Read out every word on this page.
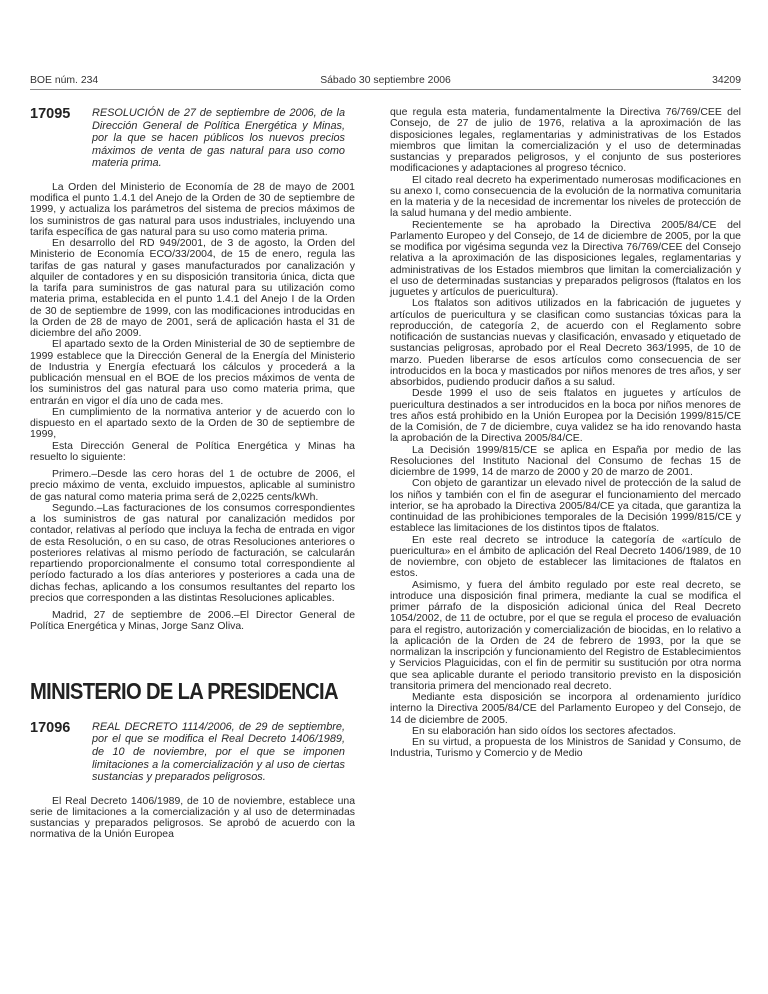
BOE núm. 234	Sábado 30 septiembre 2006	34209
17095	RESOLUCIÓN de 27 de septiembre de 2006, de la Dirección General de Política Energética y Minas, por la que se hacen públicos los nuevos precios máximos de venta de gas natural para uso como materia prima.

La Orden del Ministerio de Economía de 28 de mayo de 2001 modifica el punto 1.4.1 del Anejo de la Orden de 30 de septiembre de 1999, y actualiza los parámetros del sistema de precios máximos de los suministros de gas natural para usos industriales, incluyendo una tarifa específica de gas natural para su uso como materia prima.

En desarrollo del RD 949/2001, de 3 de agosto, la Orden del Ministerio de Economía ECO/33/2004, de 15 de enero, regula las tarifas de gas natural y gases manufacturados por canalización y alquiler de contadores y en su disposición transitoria única, dicta que la tarifa para suministros de gas natural para su utilización como materia prima, establecida en el punto 1.4.1 del Anejo I de la Orden de 30 de septiembre de 1999, con las modificaciones introducidas en la Orden de 28 de mayo de 2001, será de aplicación hasta el 31 de diciembre del año 2009.

El apartado sexto de la Orden Ministerial de 30 de septiembre de 1999 establece que la Dirección General de la Energía del Ministerio de Industria y Energía efectuará los cálculos y procederá a la publicación mensual en el BOE de los precios máximos de venta de los suministros del gas natural para uso como materia prima, que entrarán en vigor el día uno de cada mes.

En cumplimiento de la normativa anterior y de acuerdo con lo dispuesto en el apartado sexto de la Orden de 30 de septiembre de 1999,

Esta Dirección General de Política Energética y Minas ha resuelto lo siguiente:

Primero.–Desde las cero horas del 1 de octubre de 2006, el precio máximo de venta, excluido impuestos, aplicable al suministro de gas natural como materia prima será de 2,0225 cents/kWh.

Segundo.–Las facturaciones de los consumos correspondientes a los suministros de gas natural por canalización medidos por contador, relativas al período que incluya la fecha de entrada en vigor de esta Resolución, o en su caso, de otras Resoluciones anteriores o posteriores relativas al mismo período de facturación, se calcularán repartiendo proporcionalmente el consumo total correspondiente al período facturado a los días anteriores y posteriores a cada una de dichas fechas, aplicando a los consumos resultantes del reparto los precios que corresponden a las distintas Resoluciones aplicables.

Madrid, 27 de septiembre de 2006.–El Director General de Política Energética y Minas, Jorge Sanz Oliva.

MINISTERIO DE LA PRESIDENCIA
17096	REAL DECRETO 1114/2006, de 29 de septiembre, por el que se modifica el Real Decreto 1406/1989, de 10 de noviembre, por el que se imponen limitaciones a la comercialización y al uso de ciertas sustancias y preparados peligrosos.

El Real Decreto 1406/1989, de 10 de noviembre, establece una serie de limitaciones a la comercialización y al uso de determinadas sustancias y preparados peligrosos. Se aprobó de acuerdo con la normativa de la Unión Europea

que regula esta materia, fundamentalmente la Directiva 76/769/CEE del Consejo, de 27 de julio de 1976, relativa a la aproximación de las disposiciones legales, reglamentarias y administrativas de los Estados miembros que limitan la comercialización y el uso de determinadas sustancias y preparados peligrosos, y el conjunto de sus posteriores modificaciones y adaptaciones al progreso técnico.

El citado real decreto ha experimentado numerosas modificaciones en su anexo I, como consecuencia de la evolución de la normativa comunitaria en la materia y de la necesidad de incrementar los niveles de protección de la salud humana y del medio ambiente.

Recientemente se ha aprobado la Directiva 2005/84/CE del Parlamento Europeo y del Consejo, de 14 de diciembre de 2005, por la que se modifica por vigésima segunda vez la Directiva 76/769/CEE del Consejo relativa a la aproximación de las disposiciones legales, reglamentarias y administrativas de los Estados miembros que limitan la comercialización y el uso de determinadas sustancias y preparados peligrosos (ftalatos en los juguetes y artículos de puericultura).

Los ftalatos son aditivos utilizados en la fabricación de juguetes y artículos de puericultura y se clasifican como sustancias tóxicas para la reproducción, de categoría 2, de acuerdo con el Reglamento sobre notificación de sustancias nuevas y clasificación, envasado y etiquetado de sustancias peligrosas, aprobado por el Real Decreto 363/1995, de 10 de marzo. Pueden liberarse de esos artículos como consecuencia de ser introducidos en la boca y masticados por niños menores de tres años, y ser absorbidos, pudiendo producir daños a su salud.

Desde 1999 el uso de seis ftalatos en juguetes y artículos de puericultura destinados a ser introducidos en la boca por niños menores de tres años está prohibido en la Unión Europea por la Decisión 1999/815/CE de la Comisión, de 7 de diciembre, cuya validez se ha ido renovando hasta la aprobación de la Directiva 2005/84/CE.

La Decisión 1999/815/CE se aplica en España por medio de las Resoluciones del Instituto Nacional del Consumo de fechas 15 de diciembre de 1999, 14 de marzo de 2000 y 20 de marzo de 2001.

Con objeto de garantizar un elevado nivel de protección de la salud de los niños y también con el fin de asegurar el funcionamiento del mercado interior, se ha aprobado la Directiva 2005/84/CE ya citada, que garantiza la continuidad de las prohibiciones temporales de la Decisión 1999/815/CE y establece las limitaciones de los distintos tipos de ftalatos.

En este real decreto se introduce la categoría de «artículo de puericultura» en el ámbito de aplicación del Real Decreto 1406/1989, de 10 de noviembre, con objeto de establecer las limitaciones de ftalatos en estos.

Asimismo, y fuera del ámbito regulado por este real decreto, se introduce una disposición final primera, mediante la cual se modifica el primer párrafo de la disposición adicional única del Real Decreto 1054/2002, de 11 de octubre, por el que se regula el proceso de evaluación para el registro, autorización y comercialización de biocidas, en lo relativo a la aplicación de la Orden de 24 de febrero de 1993, por la que se normalizan la inscripción y funcionamiento del Registro de Establecimientos y Servicios Plaguicidas, con el fin de permitir su sustitución por otra norma que sea aplicable durante el periodo transitorio previsto en la disposición transitoria primera del mencionado real decreto.

Mediante esta disposición se incorpora al ordenamiento jurídico interno la Directiva 2005/84/CE del Parlamento Europeo y del Consejo, de 14 de diciembre de 2005.

En su elaboración han sido oídos los sectores afectados.

En su virtud, a propuesta de los Ministros de Sanidad y Consumo, de Industria, Turismo y Comercio y de Medio
